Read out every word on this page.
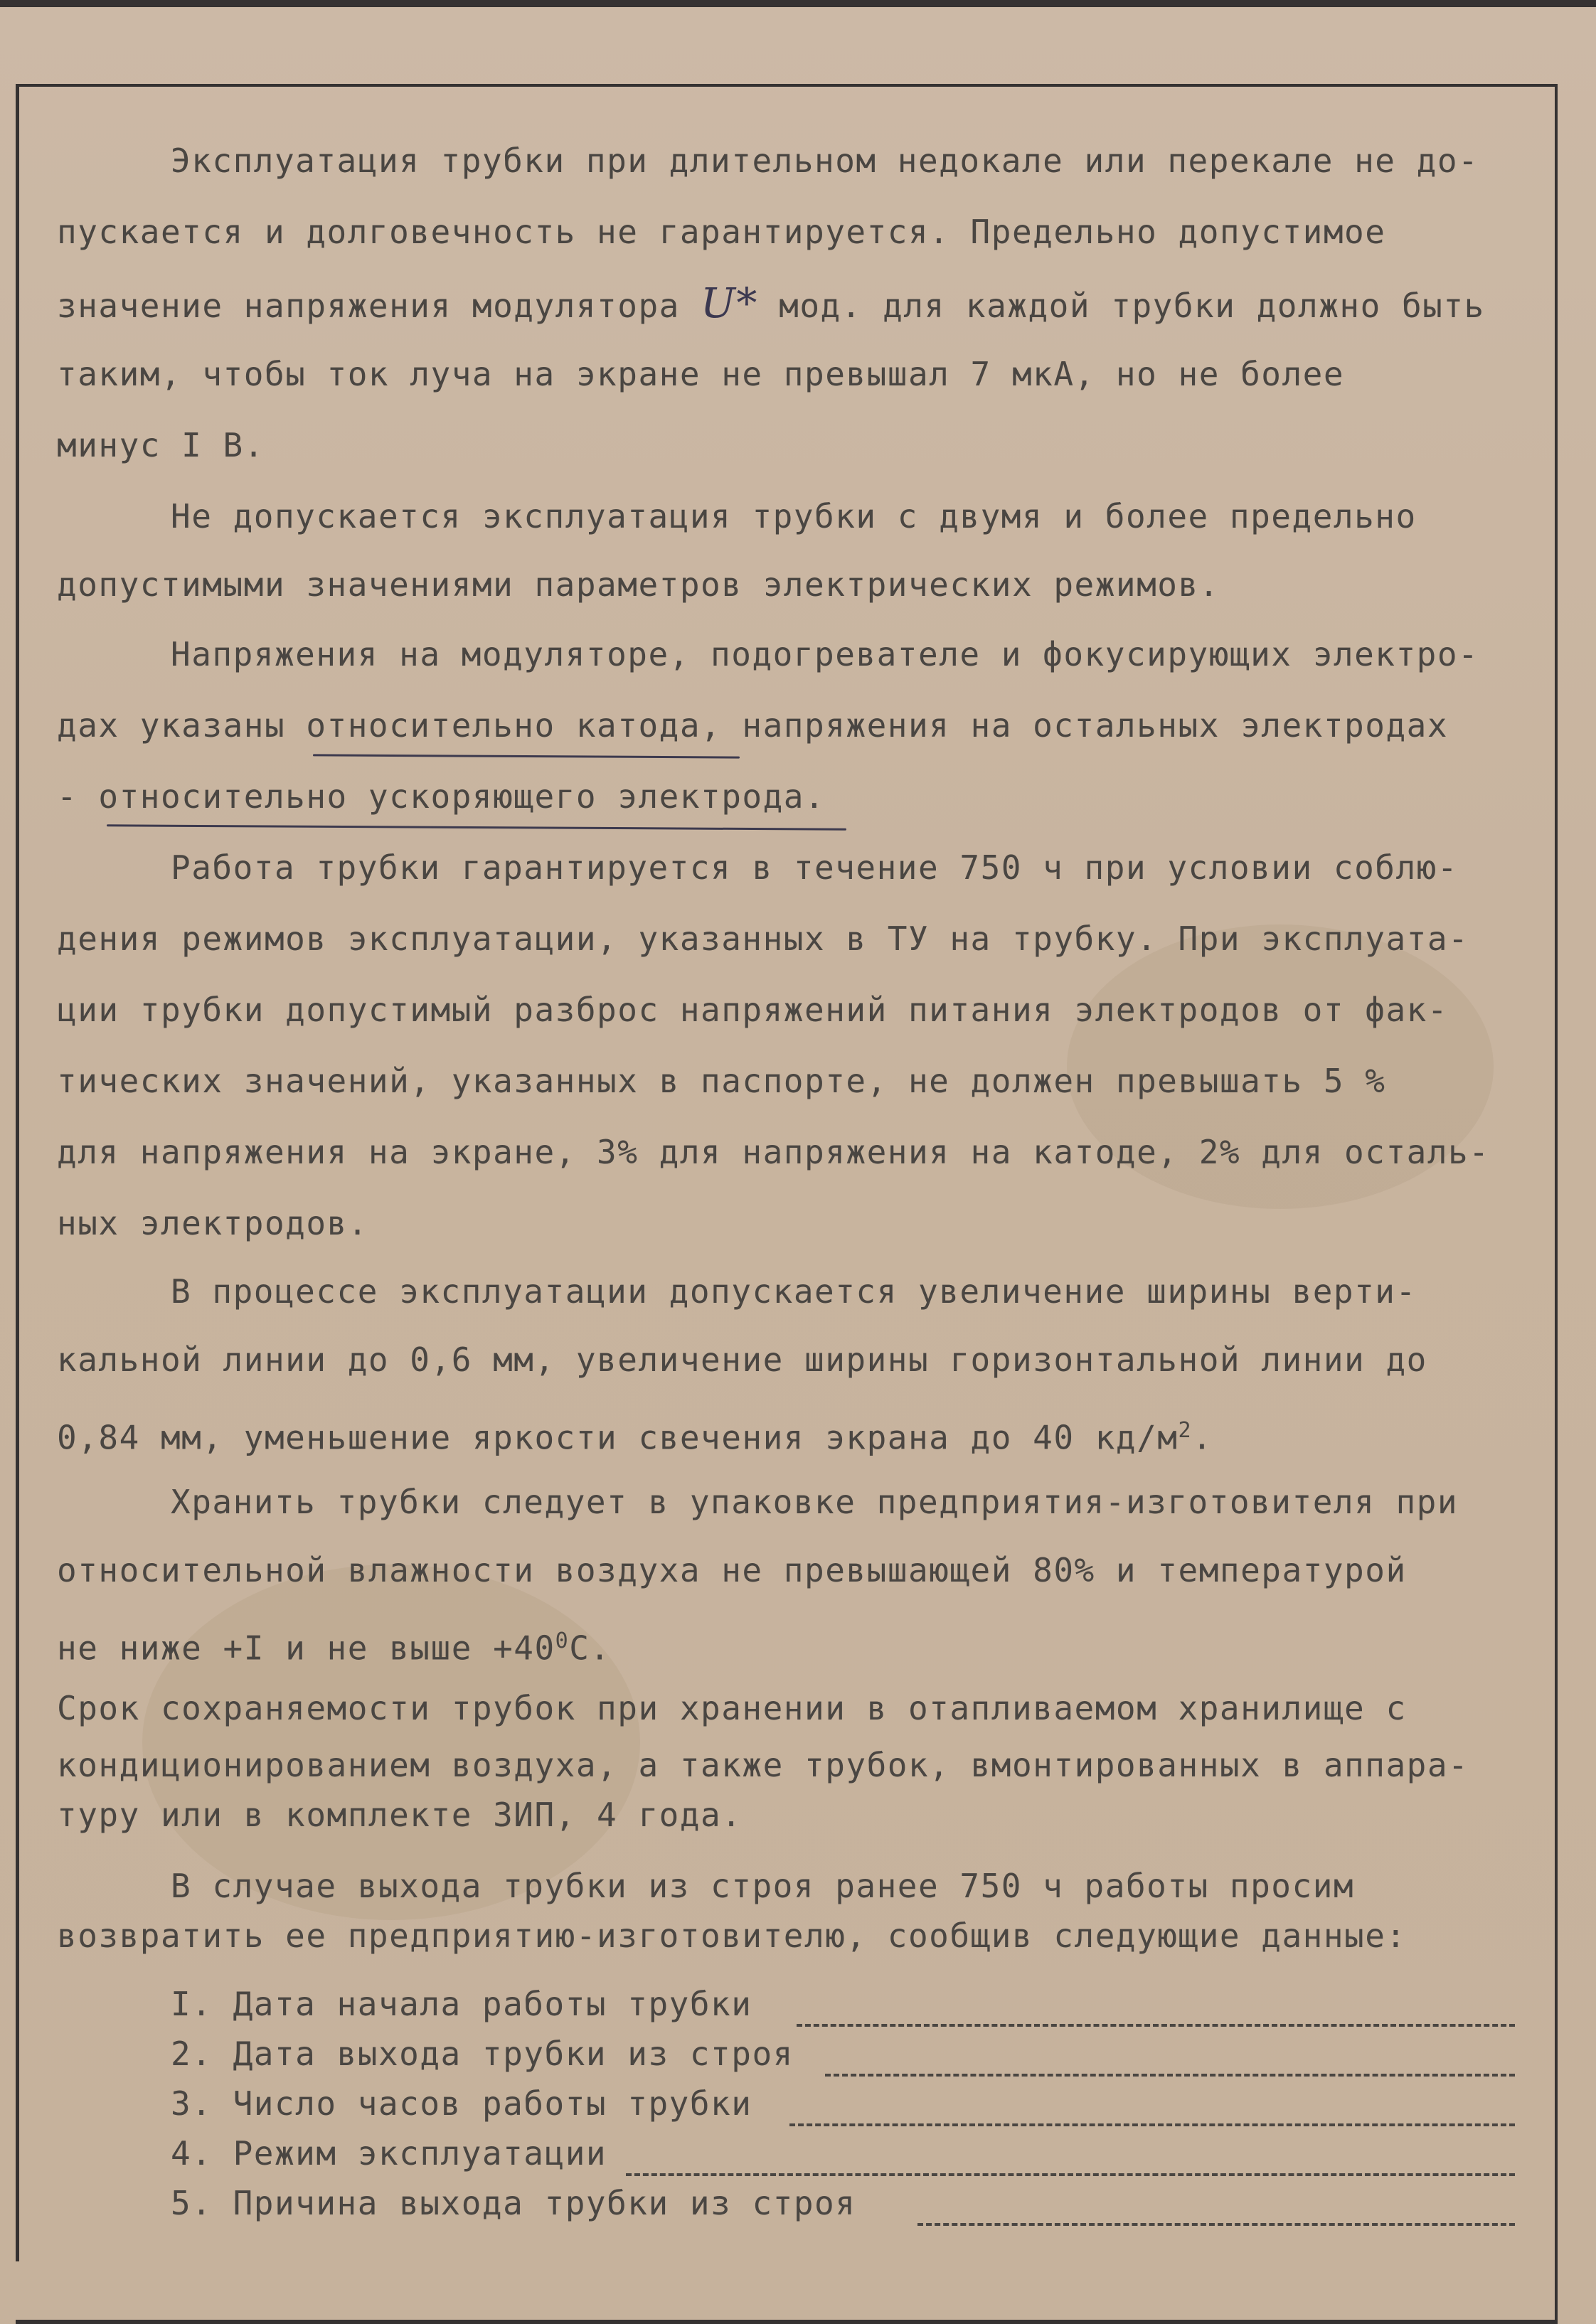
Эксплуатация трубки при длительном недокале или перекале не до-
пускается и долговечность не гарантируется. Предельно допустимое
значение напряжения модулятора U* мод. для каждой трубки должно быть
таким, чтобы ток луча на экране не превышал 7 мкА, но не более
минус I В.
Не допускается эксплуатация трубки с двумя и более предельно
допустимыми значениями параметров электрических режимов.
Напряжения на модуляторе, подогревателе и фокусирующих электро-
дах указаны относительно катода, напряжения на остальных электродах
- относительно ускоряющего электрода.
Работа трубки гарантируется в течение 750 ч при условии соблю-
дения режимов эксплуатации, указанных в ТУ на трубку. При эксплуата-
ции трубки допустимый разброс напряжений питания электродов от фак-
тических значений, указанных в паспорте, не должен превышать 5 %
для напряжения на экране, 3% для напряжения на катоде, 2% для осталь-
ных электродов.
В процессе эксплуатации допускается увеличение ширины верти-
кальной линии до 0,6 мм, увеличение ширины горизонтальной линии до
0,84 мм, уменьшение яркости свечения экрана до 40 $кд/м^2$.
Хранить трубки следует в упаковке предприятия-изготовителя при
относительной влажности воздуха не превышающей 80% и температурой
не ниже +I и не выше $+40^0С$.
Срок сохраняемости трубок при хранении в отапливаемом хранилище с
кондиционированием воздуха, а также трубок, вмонтированных в аппара-
туру или в комплекте ЗИП, 4 года.
В случае выхода трубки из строя ранее 750 ч работы просим
возвратить ее предприятию-изготовителю, сообщив следующие данные:
I. Дата начала работы трубки
2. Дата выхода трубки из строя
3. Число часов работы трубки
4. Режим эксплуатации
5. Причина выхода трубки из строя
